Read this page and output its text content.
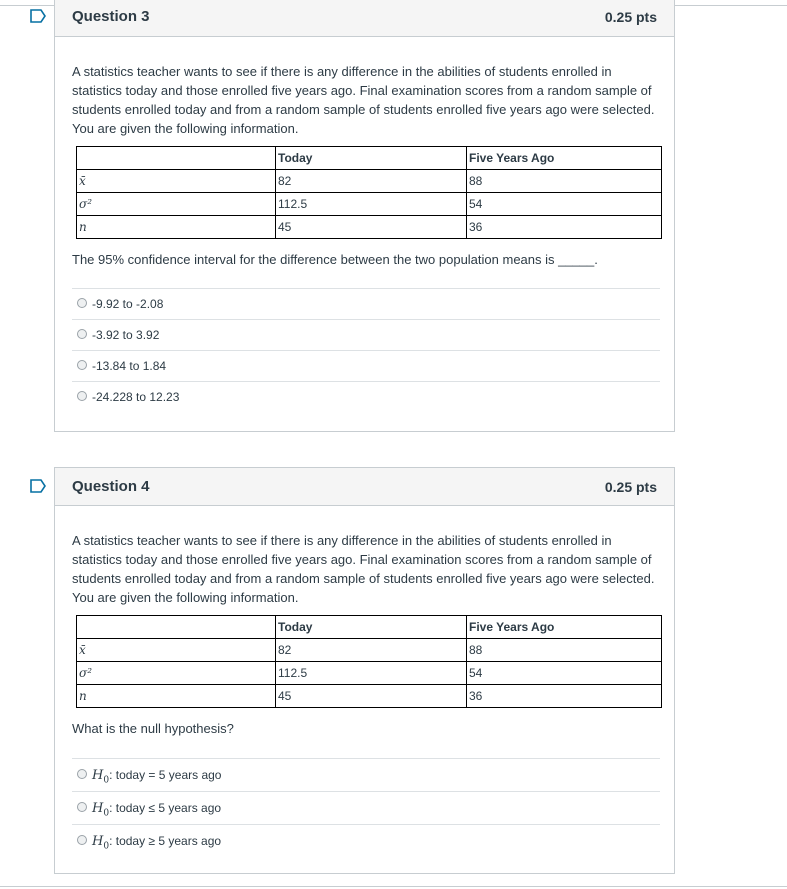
Question 3	0.25 pts

A statistics teacher wants to see if there is any difference in the abilities of students enrolled in statistics today and those enrolled five years ago. Final examination scores from a random sample of students enrolled today and from a random sample of students enrolled five years ago were selected. You are given the following information.

	Today	Five Years Ago
x̄	82	88
σ²	112.5	54
n	45	36

The 95% confidence interval for the difference between the two population means is _____.

-9.92 to -2.08
-3.92 to 3.92
-13.84 to 1.84
-24.228 to 12.23
Question 4	0.25 pts

A statistics teacher wants to see if there is any difference in the abilities of students enrolled in statistics today and those enrolled five years ago. Final examination scores from a random sample of students enrolled today and from a random sample of students enrolled five years ago were selected. You are given the following information.

	Today	Five Years Ago
x̄	82	88
σ²	112.5	54
n	45	36

What is the null hypothesis?

$H_0$: today = 5 years ago
$H_0$: today ≤ 5 years ago
$H_0$: today ≥ 5 years ago
